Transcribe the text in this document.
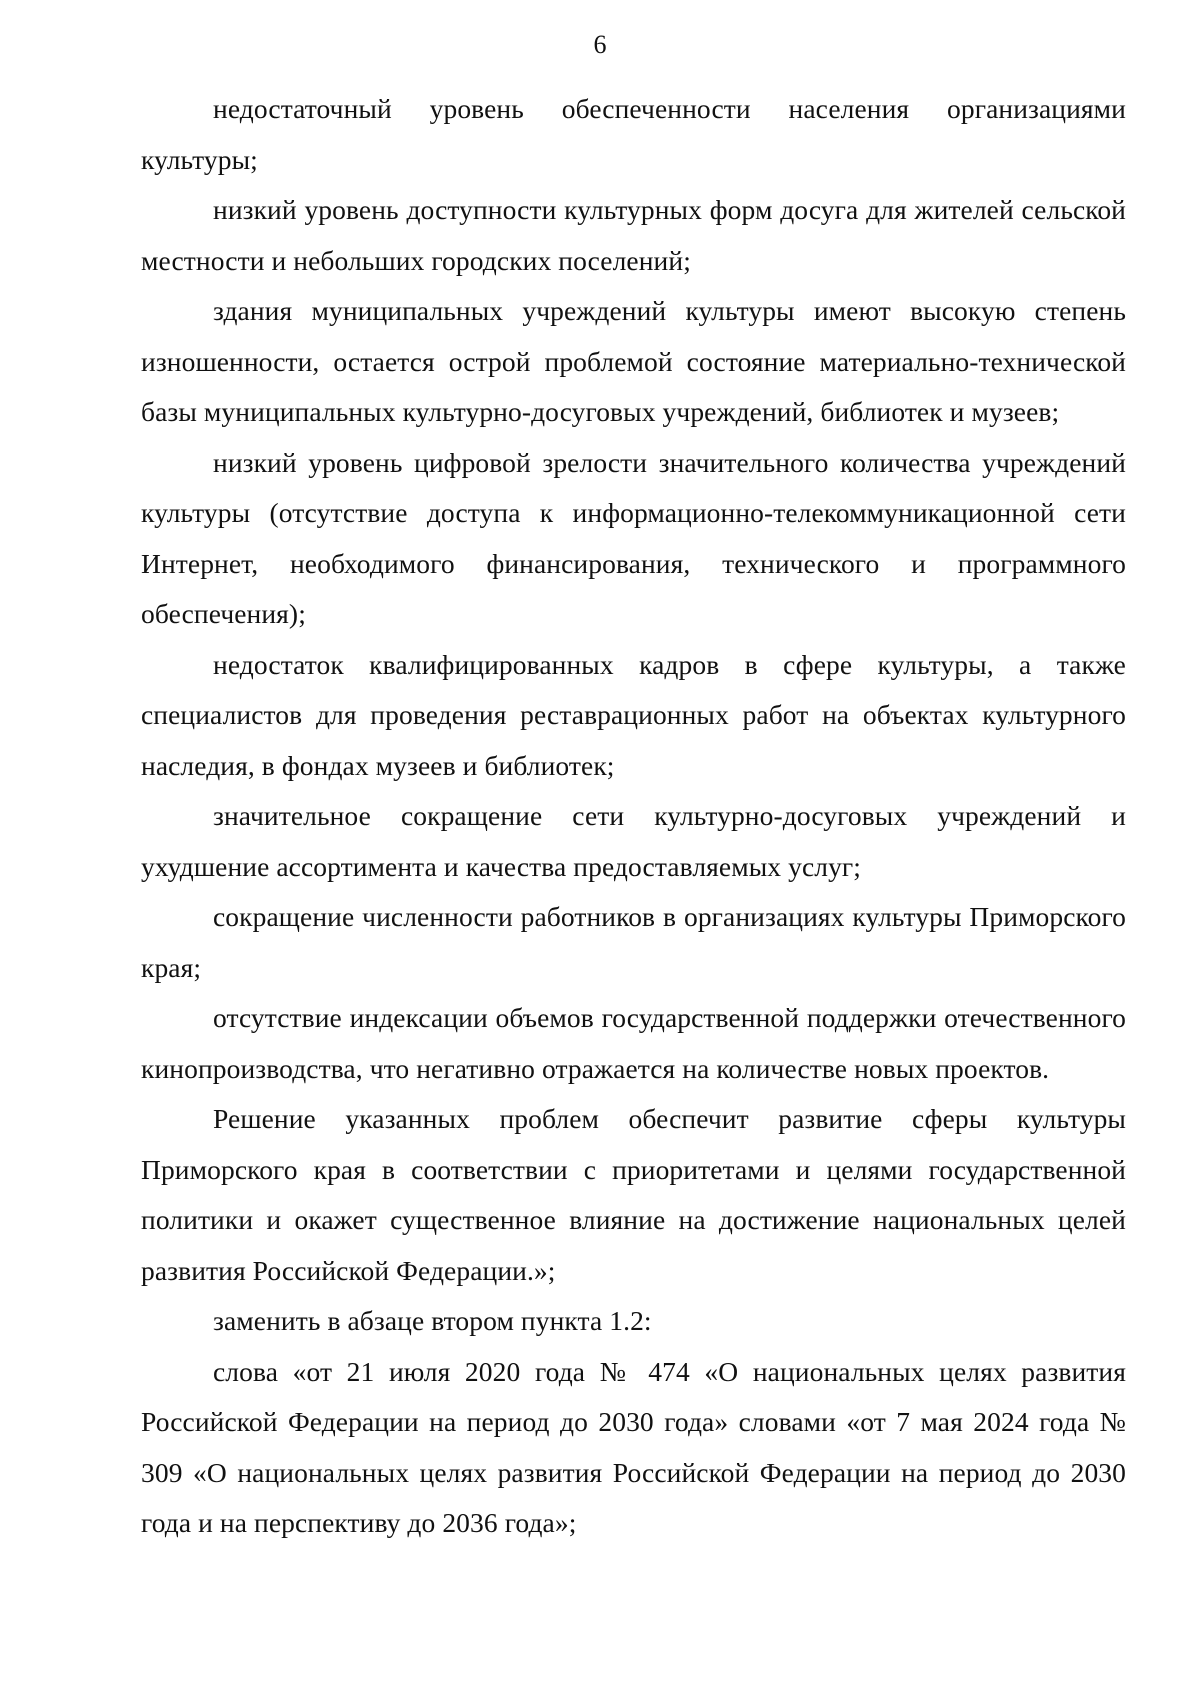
6

недостаточный уровень обеспеченности населения организациями культуры;

низкий уровень доступности культурных форм досуга для жителей сельской местности и небольших городских поселений;

здания муниципальных учреждений культуры имеют высокую степень изношенности, остается острой проблемой состояние материально-технической базы муниципальных культурно-досуговых учреждений, библиотек и музеев;

низкий уровень цифровой зрелости значительного количества учреждений культуры (отсутствие доступа к информационно-телекоммуникационной сети Интернет, необходимого финансирования, технического и программного обеспечения);

недостаток квалифицированных кадров в сфере культуры, а также специалистов для проведения реставрационных работ на объектах культурного наследия, в фондах музеев и библиотек;

значительное сокращение сети культурно-досуговых учреждений и ухудшение ассортимента и качества предоставляемых услуг;

сокращение численности работников в организациях культуры Приморского края;

отсутствие индексации объемов государственной поддержки отечественного кинопроизводства, что негативно отражается на количестве новых проектов.

Решение указанных проблем обеспечит развитие сферы культуры Приморского края в соответствии с приоритетами и целями государственной политики и окажет существенное влияние на достижение национальных целей развития Российской Федерации.»;

заменить в абзаце втором пункта 1.2:

слова «от 21 июля 2020 года № 474 «О национальных целях развития Российской Федерации на период до 2030 года» словами «от 7 мая 2024 года № 309 «О национальных целях развития Российской Федерации на период до 2030 года и на перспективу до 2036 года»;
